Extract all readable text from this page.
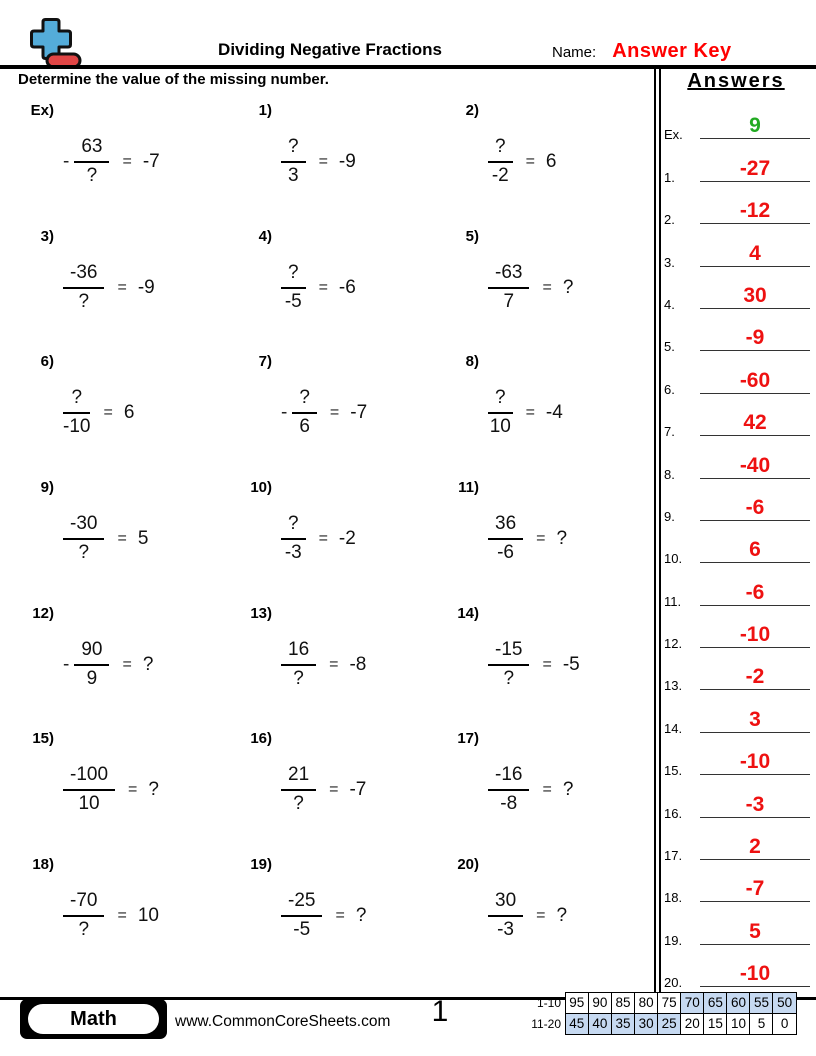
Dividing Negative Fractions	Name: Answer Key
Determine the value of the missing number.
Ex)
- $\frac{63}{?} = -7$
1)
$\frac{?}{3} = -9$
2)
$\frac{?}{-2} = 6$
3)
$\frac{-36}{?} = -9$
4)
$\frac{?}{-5} = -6$
5)
$\frac{-63}{7}$ = ?
6)
$\frac{?}{-10} = 6$
7)
- $\frac{?}{6} = -7$
8)
$\frac{?}{10} = -4$
9)
$\frac{-30}{?} = 5$
10)
$\frac{?}{-3} = -2$
11)
$\frac{36}{-6}$ = ?
12)
- $\frac{90}{9}$ = ?
13)
$\frac{16}{?} = -8$
14)
$\frac{-15}{?} = -5$
15)
$\frac{-100}{10}$ = ?
16)
$\frac{21}{?} = -7$
17)
$\frac{-16}{-8}$ = ?
18)
$\frac{-70}{?} = 10$
19)
$\frac{-25}{-5}$ = ?
20)
$\frac{30}{-3}$ = ?
Answers
Ex.	9
1.	-27
2.	-12
3.	4
4.	30
5.	-9
6.	-60
7.	42
8.	-40
9.	-6
10.	6
11.	-6
12.	-10
13.	-2
14.	3
15.	-10
16.	-3
17.	2
18.	-7
19.	5
20.	-10
Math	www.CommonCoreSheets.com	1	1-10 95 90 85 80 75 70 65 60 55 50
11-20 45 40 35 30 25 20 15 10 5	0
